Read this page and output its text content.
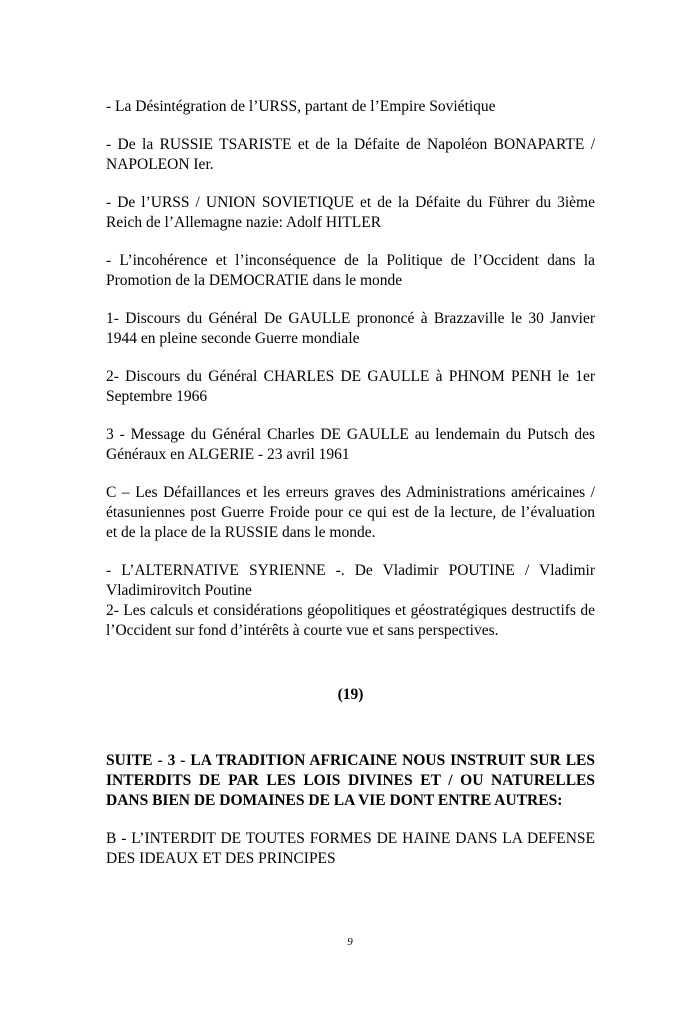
- La Désintégration de l’URSS, partant de l’Empire Soviétique

- De la RUSSIE TSARISTE et de la Défaite de Napoléon BONAPARTE / NAPOLEON Ier.

- De l’URSS / UNION SOVIETIQUE et de la Défaite du Führer du 3ième Reich de l’Allemagne nazie: Adolf HITLER

- L’incohérence et l’inconséquence de la Politique de l’Occident dans la Promotion de la DEMOCRATIE dans le monde

1- Discours du Général De GAULLE prononcé à Brazzaville le 30 Janvier 1944 en pleine seconde Guerre mondiale

2- Discours du Général CHARLES DE GAULLE à PHNOM PENH le 1er Septembre 1966

3 - Message du Général Charles DE GAULLE au lendemain du Putsch des Généraux en ALGERIE - 23 avril 1961

C – Les Défaillances et les erreurs graves des Administrations américaines / étasuniennes post Guerre Froide pour ce qui est de la lecture, de l’évaluation et de la place de la RUSSIE dans le monde.

- L’ALTERNATIVE SYRIENNE -. De Vladimir POUTINE / Vladimir Vladimirovitch Poutine

2- Les calculs et considérations géopolitiques et géostratégiques destructifs de l’Occident sur fond d’intérêts à courte vue et sans perspectives.

(19)

SUITE - 3 - LA TRADITION AFRICAINE NOUS INSTRUIT SUR LES INTERDITS DE PAR LES LOIS DIVINES ET / OU NATURELLES DANS BIEN DE DOMAINES DE LA VIE DONT ENTRE AUTRES:

B - L’INTERDIT DE TOUTES FORMES DE HAINE DANS LA DEFENSE DES IDEAUX ET DES PRINCIPES

9
